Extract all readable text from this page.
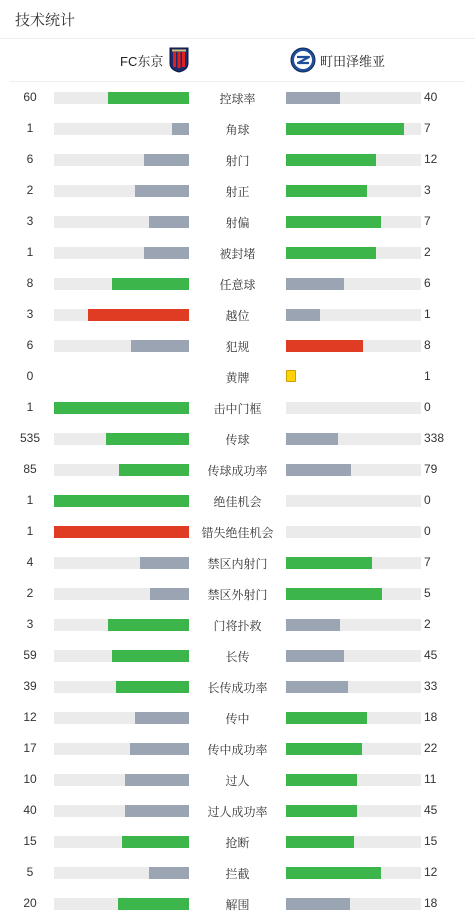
技术统计
FC东京	町田泽维亚
60	控球率	40
1	角球	7
6	射门	12
2	射正	3
3	射偏	7
1	被封堵	2
8	任意球	6
3	越位	1
6	犯规	8
0	黄牌	1
1	击中门框	0
535	传球	338
85	传球成功率	79
1	绝佳机会	0
1	错失绝佳机会	0
4	禁区内射门	7
2	禁区外射门	5
3	门将扑救	2
59	长传	45
39	长传成功率	33
12	传中	18
17	传中成功率	22
10	过人	11
40	过人成功率	45
15	抢断	15
5	拦截	12
20	解围	18
